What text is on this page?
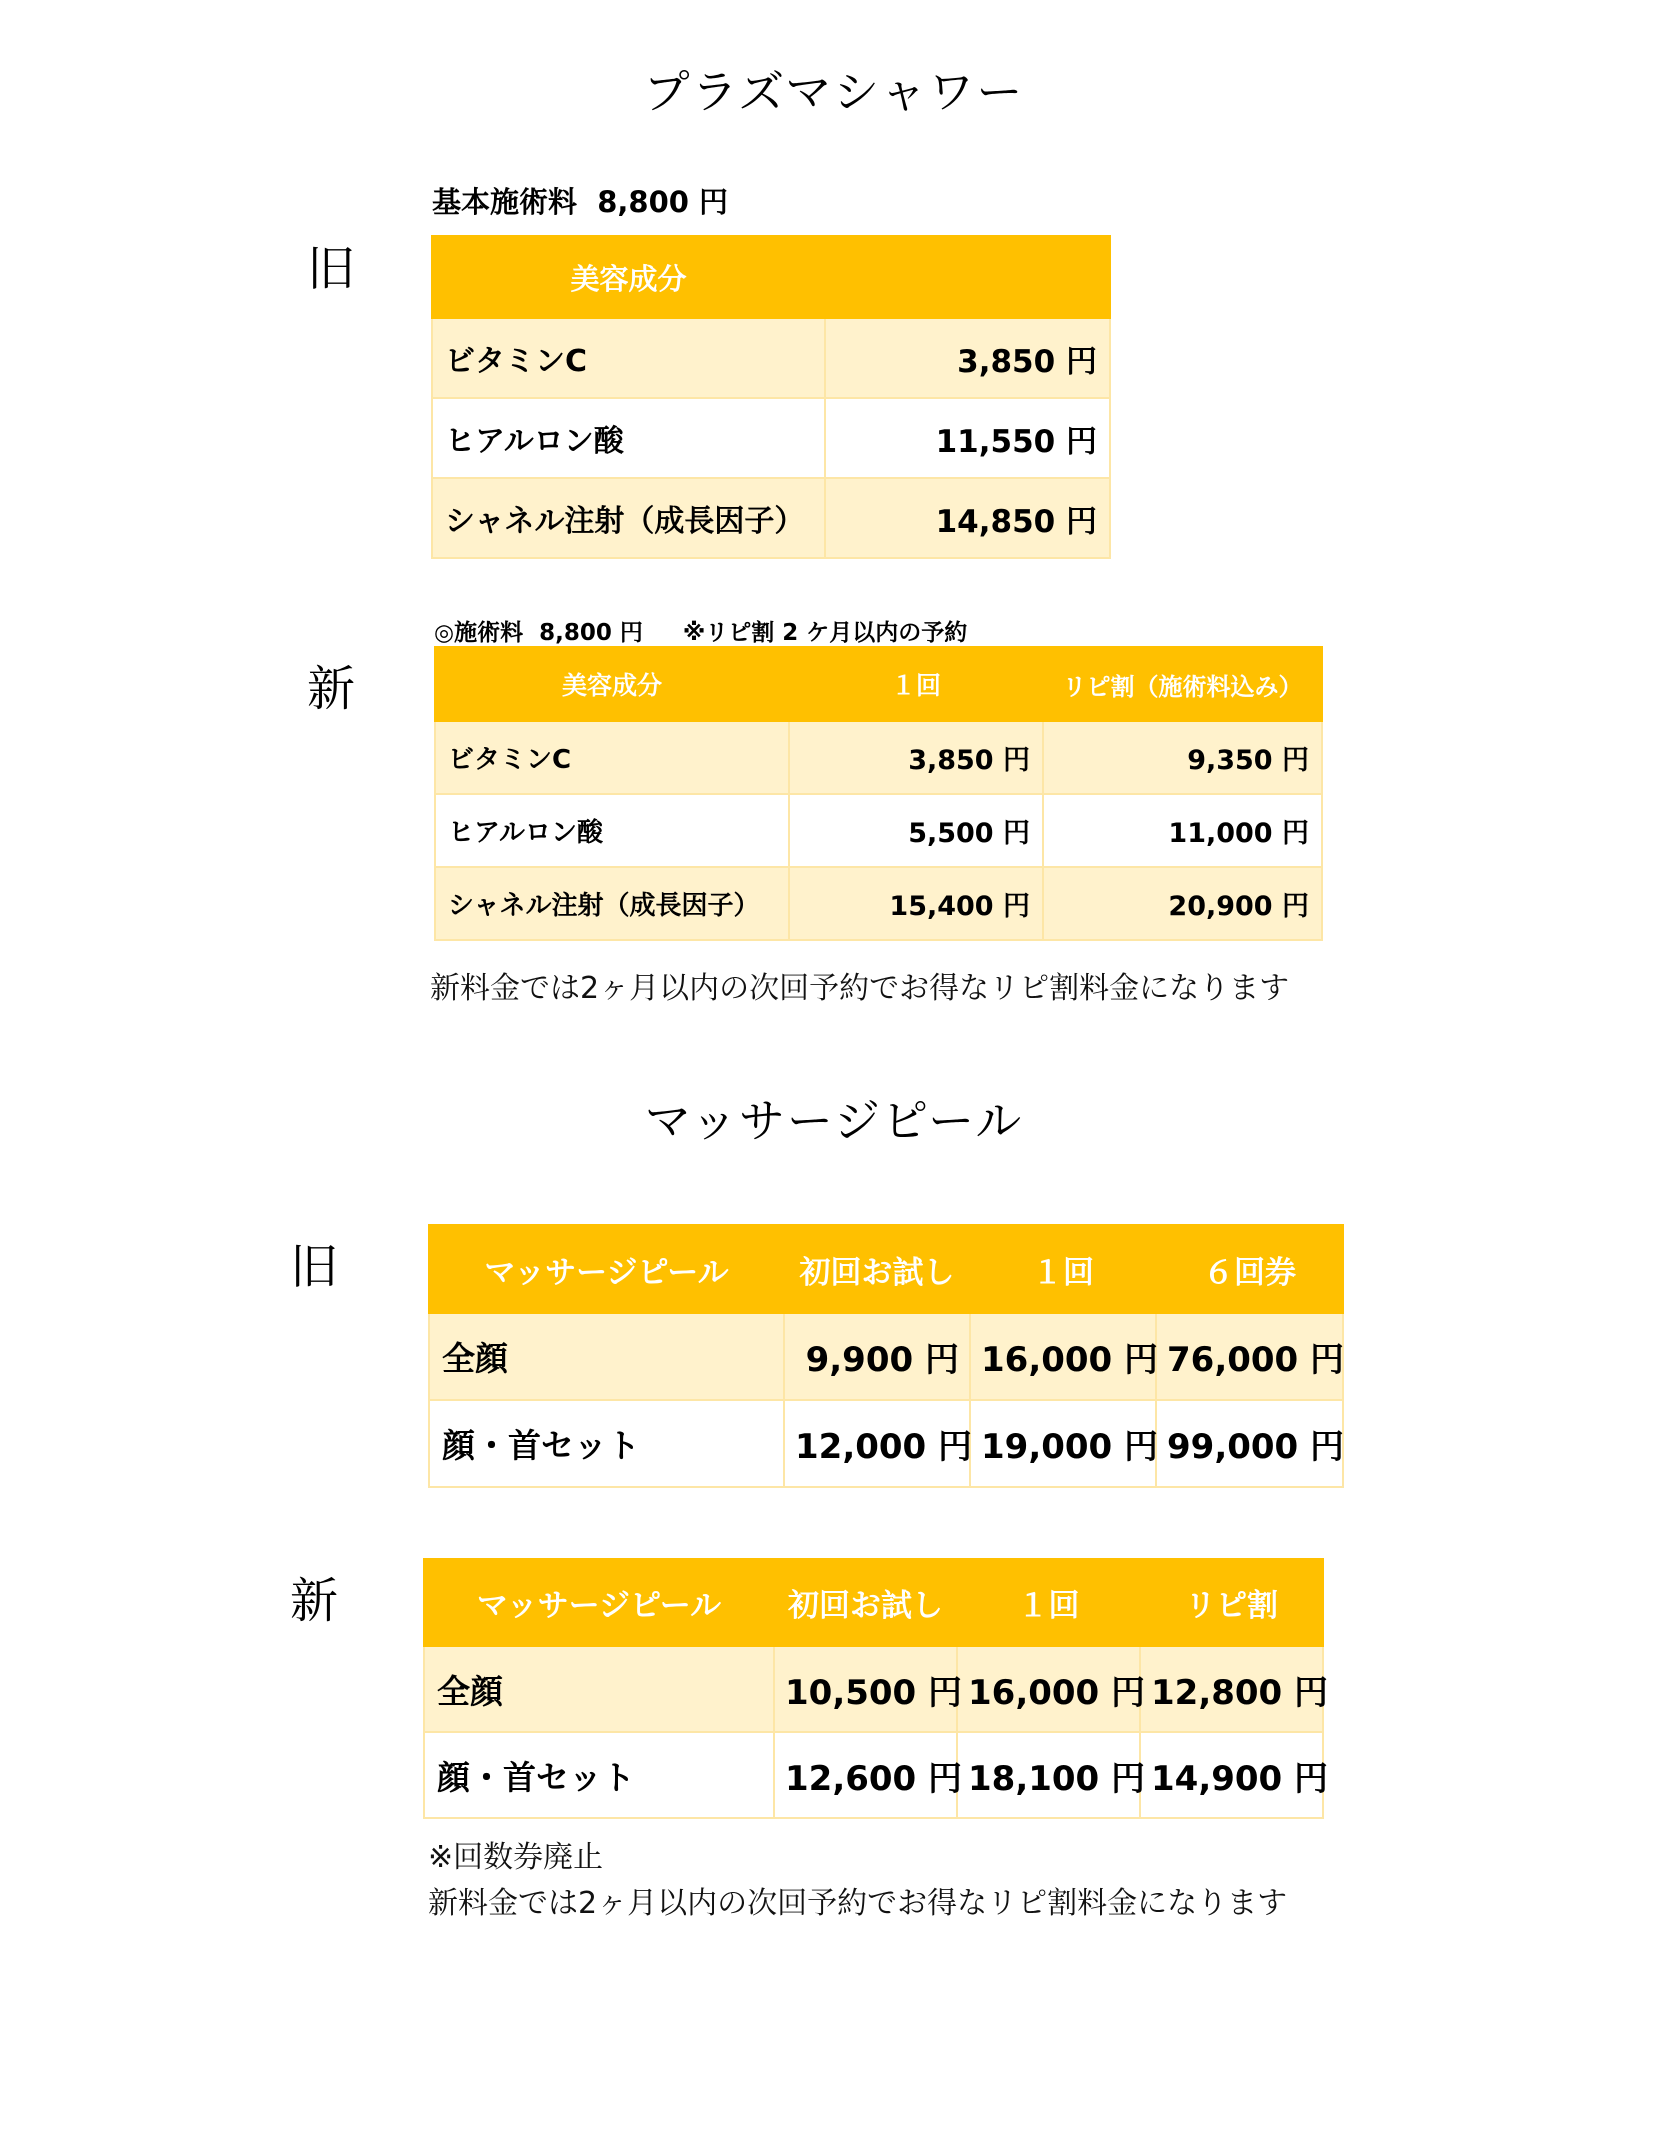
プラズマシャワー
旧
基本施術料  8,800 円
美容成分	
ビタミンC	3,850 円
ヒアルロン酸	11,550 円
シャネル注射（成長因子）	14,850 円
新
◎施術料  8,800 円     ※リピ割 2 ケ月以内の予約
美容成分	１回	リピ割（施術料込み）
ビタミンC	3,850 円	9,350 円
ヒアルロン酸	5,500 円	11,000 円
シャネル注射（成長因子）	15,400 円	20,900 円
新料金では2ヶ月以内の次回予約でお得なリピ割料金になります
マッサージピール
旧	マッサージピール	初回お試し	１回	６回券
全顔	9,900 円	16,000 円	76,000 円
顔・首セット	12,000 円	19,000 円	99,000 円
新	マッサージピール	初回お試し	１回	リピ割
全顔	10,500 円	16,000 円	12,800 円
顔・首セット	12,600 円	18,100 円	14,900 円
※回数券廃止
新料金では2ヶ月以内の次回予約でお得なリピ割料金になります
